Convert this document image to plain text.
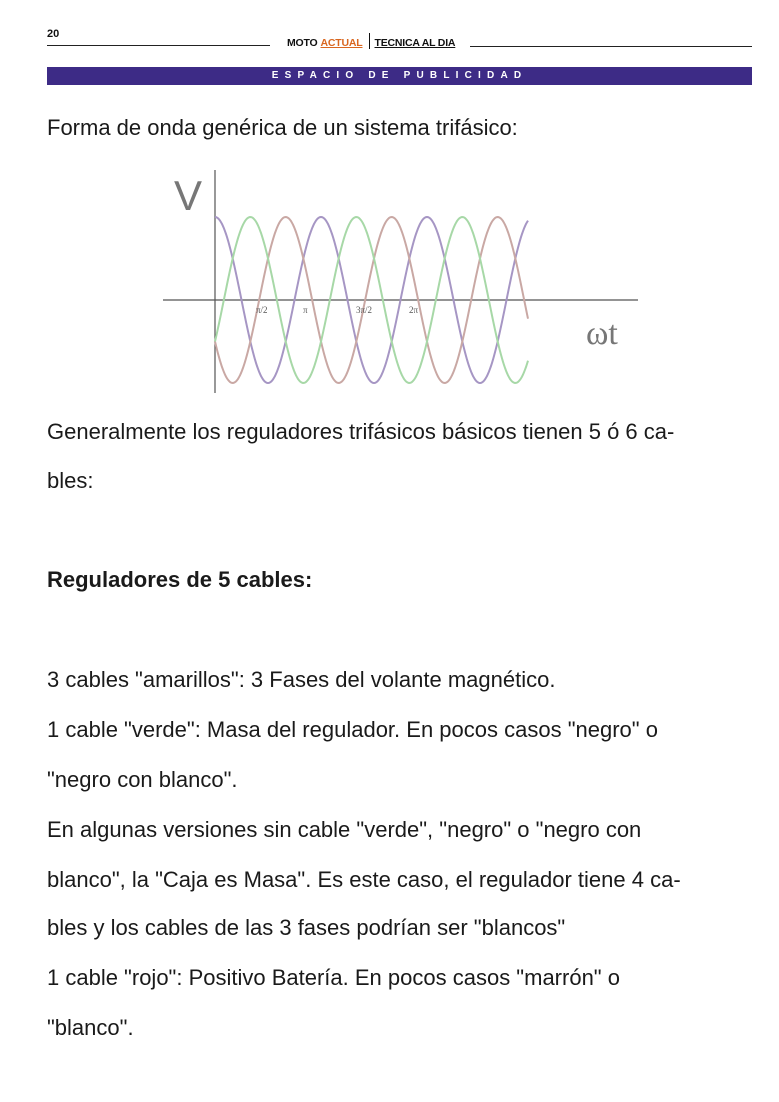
20
MOTO ACTUAL TECNICA AL DIA
ESPACIO DE PUBLICIDAD
Forma de onda genérica de un sistema trifásico:
V
π/2	π	3π/2	2π
ωt
Generalmente los reguladores trifásicos básicos tienen 5 ó 6 ca-
bles:
Reguladores de 5 cables:
3 cables "amarillos": 3 Fases del volante magnético.
1 cable "verde": Masa del regulador. En pocos casos "negro" o
"negro con blanco".
En algunas versiones sin cable "verde", "negro" o "negro con
blanco", la "Caja es Masa". Es este caso, el regulador tiene 4 ca-
bles y los cables de las 3 fases podrían ser "blancos"
1 cable "rojo": Positivo Batería. En pocos casos "marrón" o
"blanco".
